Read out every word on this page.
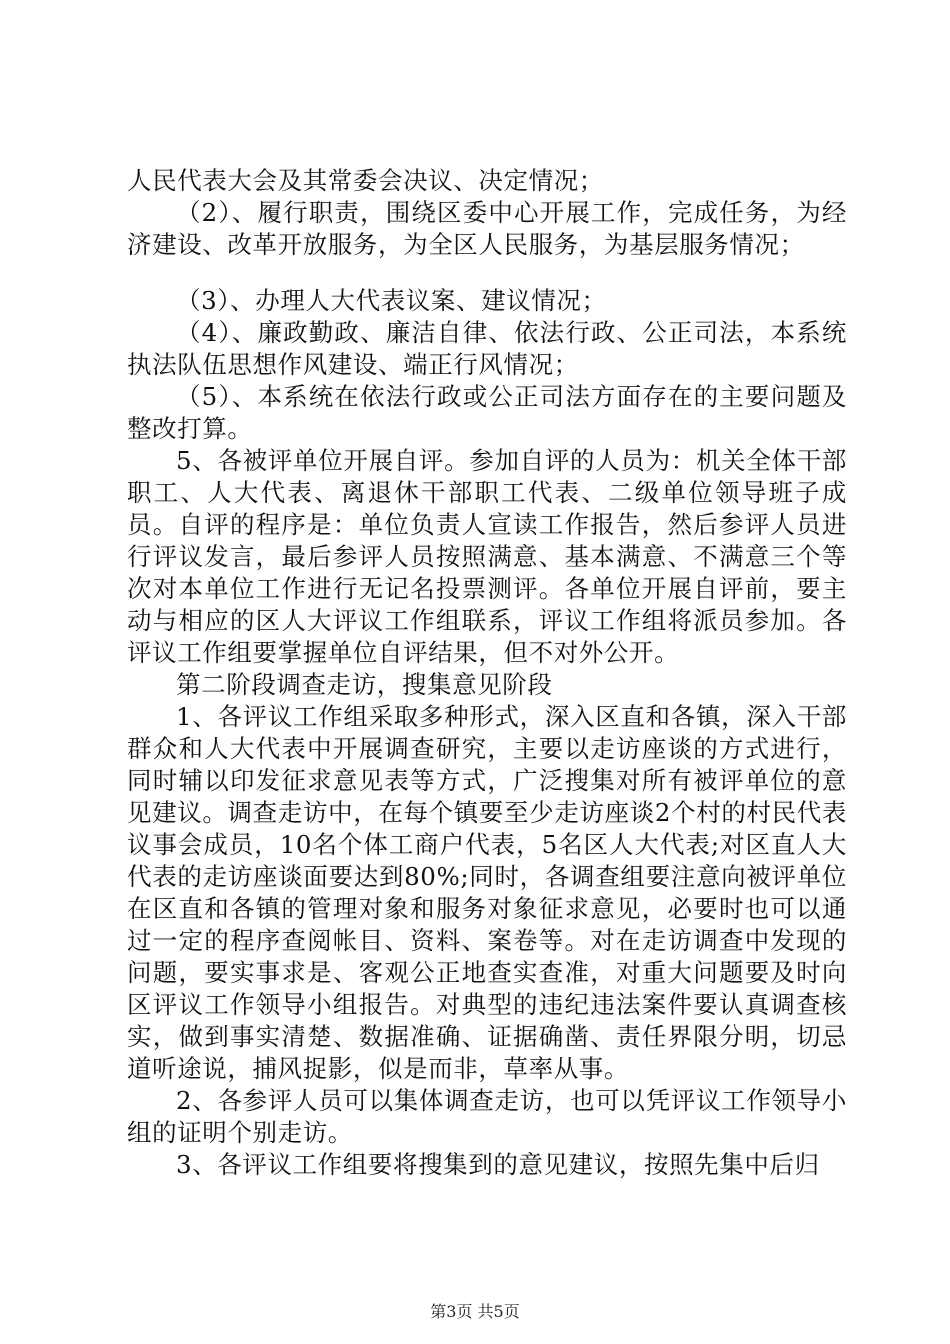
人民代表大会及其常委会决议、决定情况；

（2）、履行职责，围绕区委中心开展工作，完成任务，为经济建设、改革开放服务，为全区人民服务，为基层服务情况；

（3）、办理人大代表议案、建议情况；

（4）、廉政勤政、廉洁自律、依法行政、公正司法，本系统执法队伍思想作风建设、端正行风情况；

（5）、本系统在依法行政或公正司法方面存在的主要问题及整改打算。

5、各被评单位开展自评。参加自评的人员为：机关全体干部职工、人大代表、离退休干部职工代表、二级单位领导班子成员。自评的程序是：单位负责人宣读工作报告，然后参评人员进行评议发言，最后参评人员按照满意、基本满意、不满意三个等次对本单位工作进行无记名投票测评。各单位开展自评前，要主动与相应的区人大评议工作组联系，评议工作组将派员参加。各评议工作组要掌握单位自评结果，但不对外公开。

第二阶段调查走访，搜集意见阶段

1、各评议工作组采取多种形式，深入区直和各镇，深入干部群众和人大代表中开展调查研究，主要以走访座谈的方式进行，同时辅以印发征求意见表等方式，广泛搜集对所有被评单位的意见建议。调查走访中，在每个镇要至少走访座谈2个村的村民代表议事会成员，10名个体工商户代表，5名区人大代表;对区直人大代表的走访座谈面要达到80%;同时，各调查组要注意向被评单位在区直和各镇的管理对象和服务对象征求意见，必要时也可以通过一定的程序查阅帐目、资料、案卷等。对在走访调查中发现的问题，要实事求是、客观公正地查实查准，对重大问题要及时向区评议工作领导小组报告。对典型的违纪违法案件要认真调查核实，做到事实清楚、数据准确、证据确凿、责任界限分明，切忌道听途说，捕风捉影，似是而非，草率从事。

2、各参评人员可以集体调查走访，也可以凭评议工作领导小组的证明个别走访。

3、各评议工作组要将搜集到的意见建议，按照先集中后归

第3页 共5页
